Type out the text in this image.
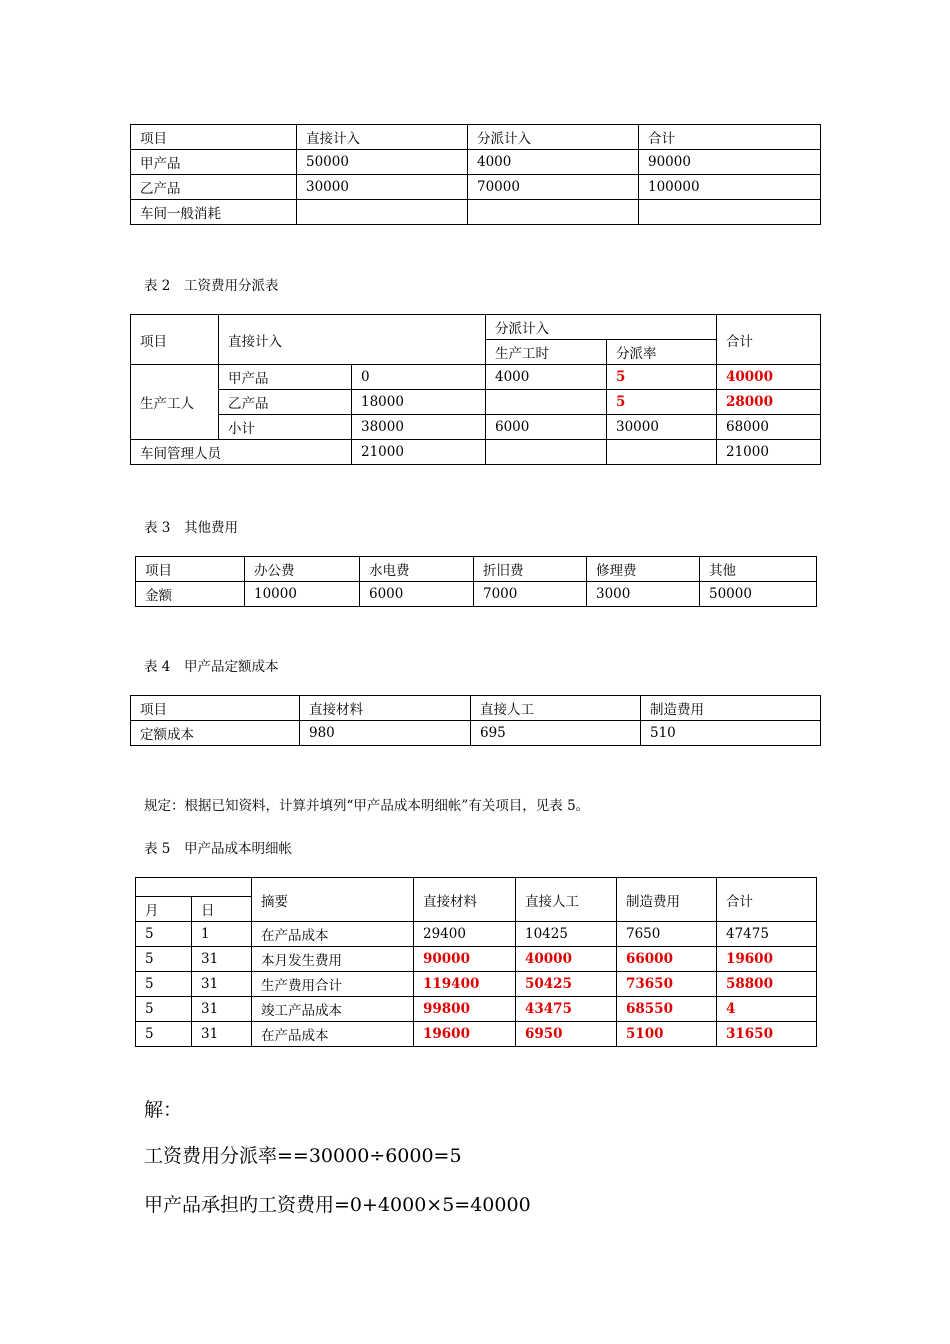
项目	直接计入	分派计入	合计
甲产品	50000	4000	90000
乙产品	30000	70000	100000
车间一般消耗			
表 2 工资费用分派表
项目	直接计入		分派计入		合计
			生产工时	分派率	
生产工人	甲产品	0	4000	5	40000
	乙产品	18000		5	28000
	小计	38000	6000	30000	68000
车间管理人员		21000			21000
表 3 其他费用
项目	办公费	水电费	折旧费	修理费	其他
金额	10000	6000	7000	3000	50000
表 4 甲产品定额成本
项目	直接材料	直接人工	制造费用
定额成本	980	695	510
规定：根据已知资料，计算并填列“甲产品成本明细帐”有关项目，见表 5。
表 5 甲产品成本明细帐
		摘要	直接材料	直接人工	制造费用	合计
月	日					
5	1	在产品成本	29400	10425	7650	47475
5	31	本月发生费用	90000	40000	66000	19600
5	31	生产费用合计	119400	50425	73650	58800
5	31	竣工产品成本	99800	43475	68550	4
5	31	在产品成本	19600	6950	5100	31650
解：
工资费用分派率==30000÷6000=5
甲产品承担旳工资费用=0+4000×5=40000
